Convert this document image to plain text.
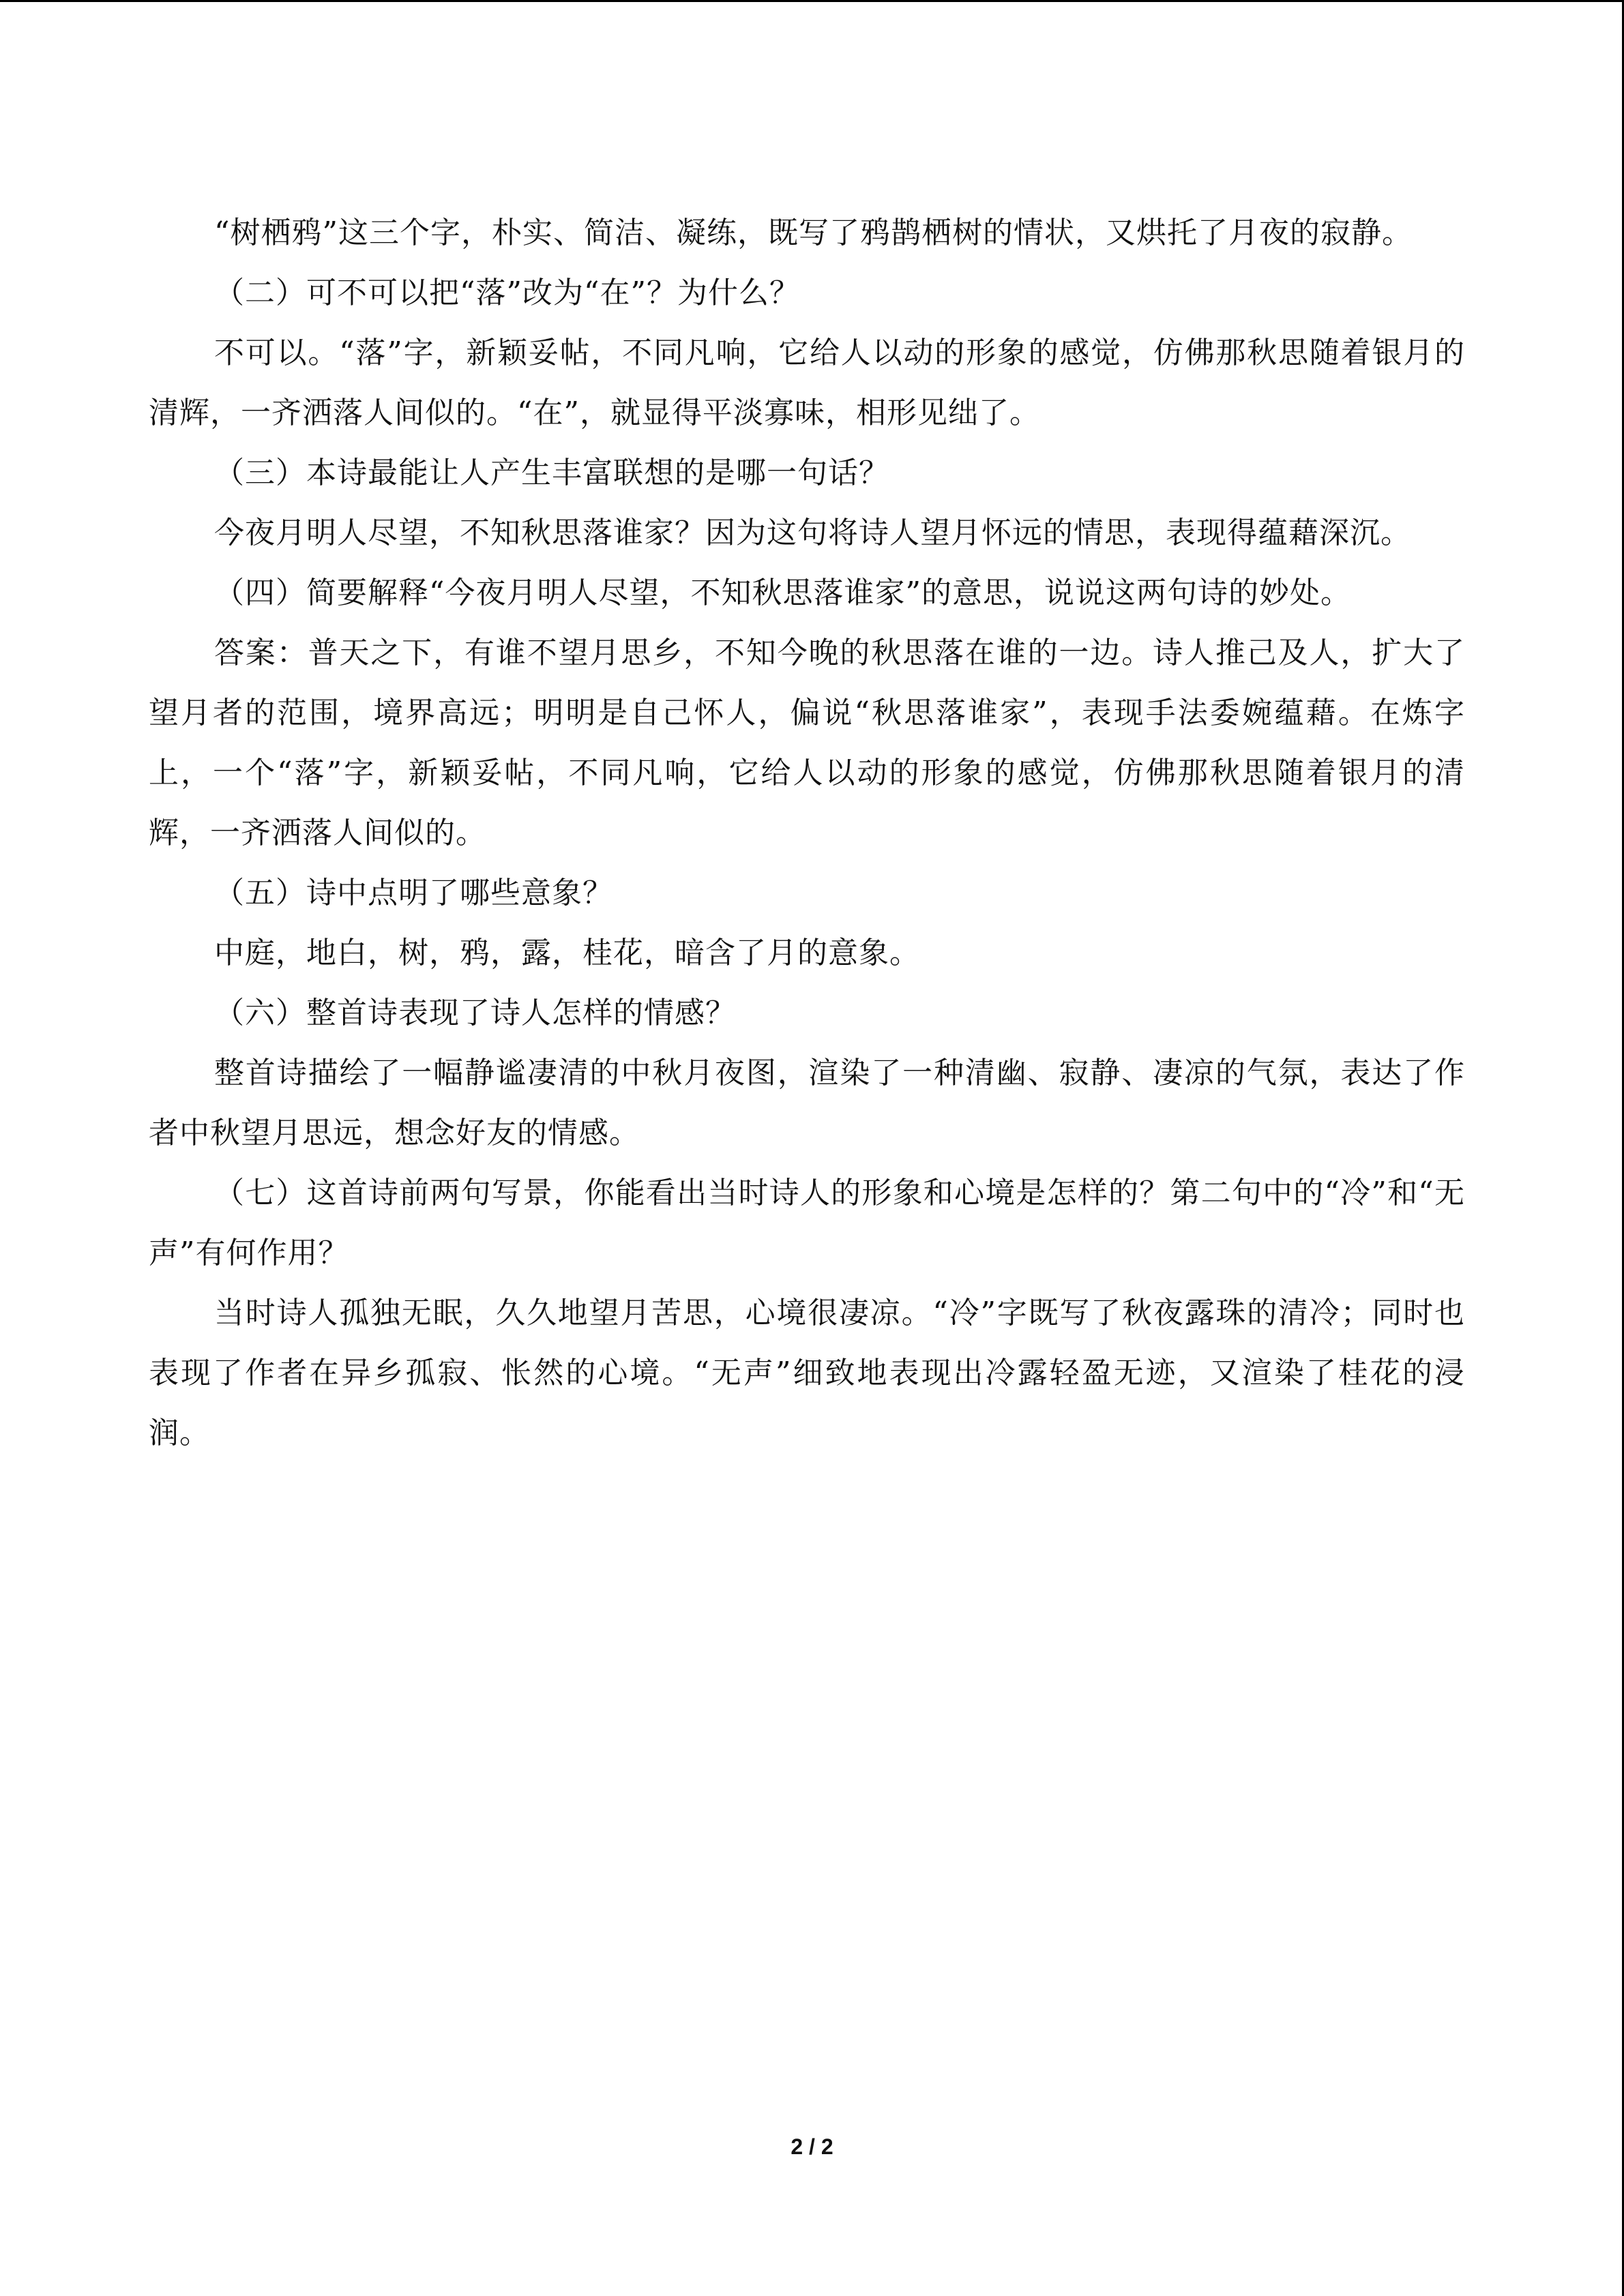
“树栖鸦”这三个字，朴实、简洁、凝练，既写了鸦鹊栖树的情状，又烘托了月夜的寂静。

（二）可不可以把“落”改为“在”？为什么？

不可以。“落”字，新颖妥帖，不同凡响，它给人以动的形象的感觉，仿佛那秋思随着银月的清辉，一齐洒落人间似的。“在”，就显得平淡寡味，相形见绌了。

（三）本诗最能让人产生丰富联想的是哪一句话？

今夜月明人尽望，不知秋思落谁家？因为这句将诗人望月怀远的情思，表现得蕴藉深沉。

（四）简要解释“今夜月明人尽望，不知秋思落谁家”的意思，说说这两句诗的妙处。

答案：普天之下，有谁不望月思乡，不知今晚的秋思落在谁的一边。诗人推己及人，扩大了望月者的范围，境界高远；明明是自己怀人，偏说“秋思落谁家”，表现手法委婉蕴藉。在炼字上，一个“落”字，新颖妥帖，不同凡响，它给人以动的形象的感觉，仿佛那秋思随着银月的清辉，一齐洒落人间似的。

（五）诗中点明了哪些意象？

中庭，地白，树，鸦，露，桂花，暗含了月的意象。

（六）整首诗表现了诗人怎样的情感？

整首诗描绘了一幅静谧凄清的中秋月夜图，渲染了一种清幽、寂静、凄凉的气氛，表达了作者中秋望月思远，想念好友的情感。

（七）这首诗前两句写景，你能看出当时诗人的形象和心境是怎样的？第二句中的“冷”和“无声”有何作用？

当时诗人孤独无眠，久久地望月苦思，心境很凄凉。“冷”字既写了秋夜露珠的清冷；同时也表现了作者在异乡孤寂、怅然的心境。“无声”细致地表现出冷露轻盈无迹，又渲染了桂花的浸润。

2 / 2
